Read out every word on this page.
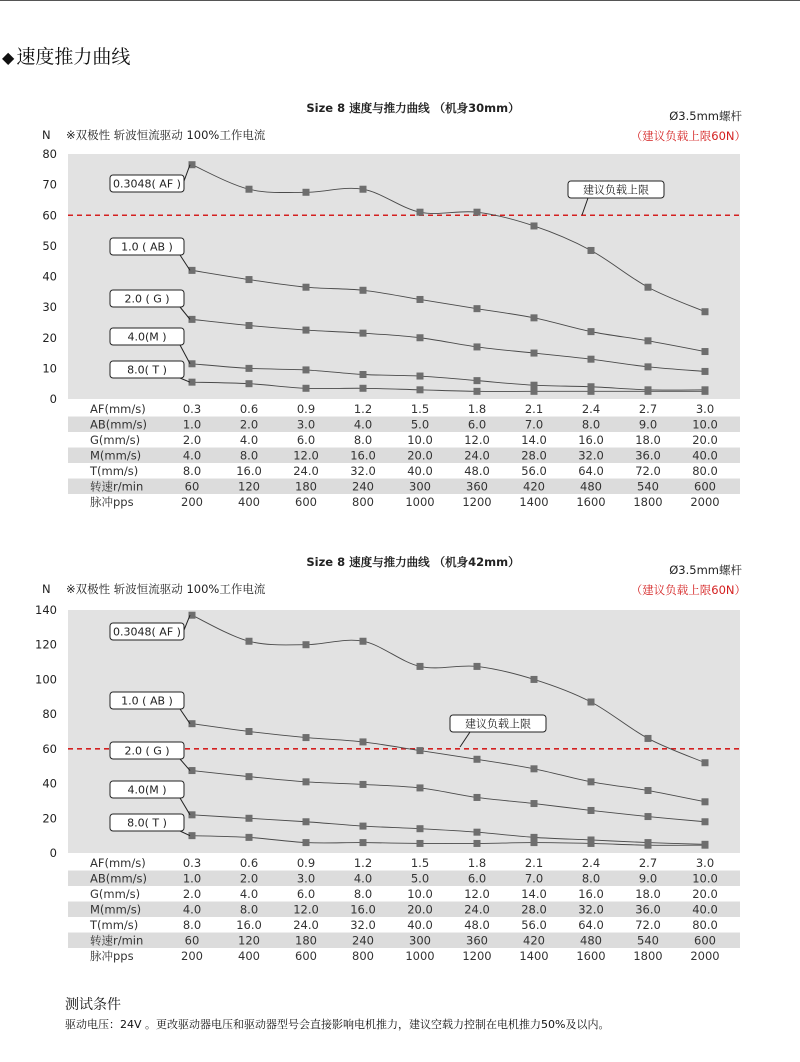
◆ 速度推力曲线
Size 8 速度与推力曲线 （机身30mm）
Ø3.5mm螺杆
（建议负载上限60N）
N ※双极性 斩波恒流驱动 100%工作电流
0
10
20
30
40
50
60
70
80
0.3048( AF )
1.0 ( AB )
2.0 ( G )
4.0(M )
8.0( T )
建议负载上限
AF(mm/s)	0.3	0.6	0.9	1.2	1.5	1.8	2.1	2.4	2.7	3.0
AB(mm/s)	1.0	2.0	3.0	4.0	5.0	6.0	7.0	8.0	9.0	10.0
G(mm/s)	2.0	4.0	6.0	8.0	10.0	12.0	14.0	16.0	18.0	20.0
M(mm/s)	4.0	8.0	12.0	16.0	20.0	24.0	28.0	32.0	36.0	40.0
T(mm/s)	8.0	16.0	24.0	32.0	40.0	48.0	56.0	64.0	72.0	80.0
转速r/min	60	120	180	240	300	360	420	480	540	600
脉冲pps	200	400	600	800	1000 1200 1400 1600 1800 2000
Size 8 速度与推力曲线 （机身42mm）
Ø3.5mm螺杆
（建议负载上限60N）
N ※双极性 斩波恒流驱动 100%工作电流
0
20
40
60
80
100
120
140
0.3048( AF )
1.0 ( AB )
2.0 ( G )
4.0(M )
8.0( T )
建议负载上限
AF(mm/s)	0.3	0.6	0.9	1.2	1.5	1.8	2.1	2.4	2.7	3.0
AB(mm/s)	1.0	2.0	3.0	4.0	5.0	6.0	7.0	8.0	9.0	10.0
G(mm/s)	2.0	4.0	6.0	8.0	10.0	12.0	14.0	16.0	18.0	20.0
M(mm/s)	4.0	8.0	12.0	16.0	20.0	24.0	28.0	32.0	36.0	40.0
T(mm/s)	8.0	16.0	24.0	32.0	40.0	48.0	56.0	64.0	72.0	80.0
转速r/min	60	120	180	240	300	360	420	480	540	600
脉冲pps	200	400	600	800	1000 1200 1400 1600 1800 2000
测试条件
驱动电压：24V 。更改驱动器电压和驱动器型号会直接影响电机推力，建议空载力控制在电机推力50%及以内。
